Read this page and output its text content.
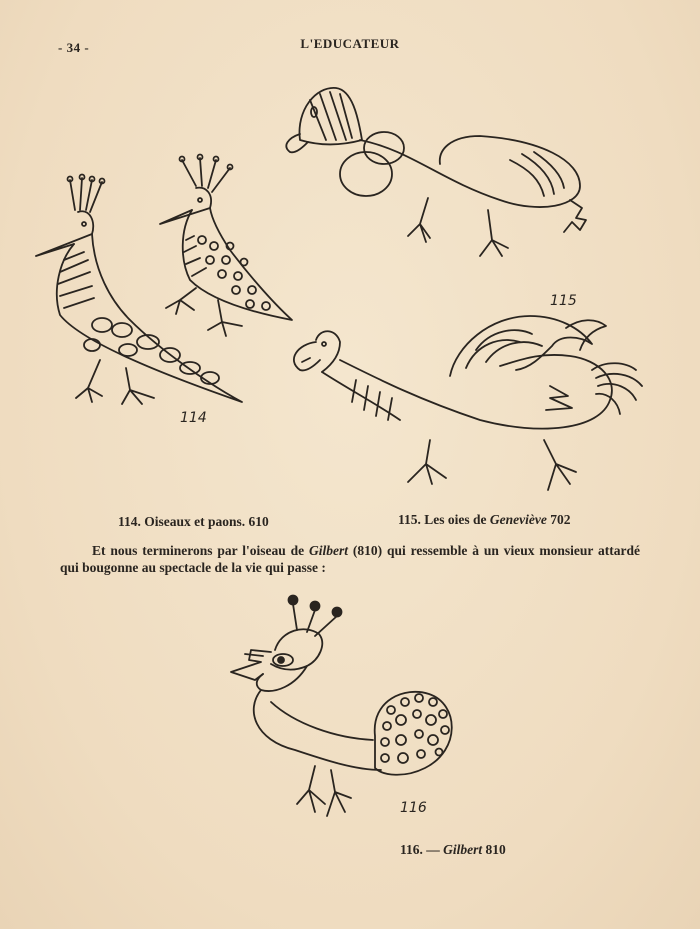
- 34 -	L'EDUCATEUR
114
115
114. Oiseaux et paons. 610	115. Les oies de Geneviève 702
Et nous terminerons par l'oiseau de Gilbert (810) qui ressemble à un vieux monsieur attardé qui bougonne au spectacle de la vie qui passe :
116
116. — Gilbert 810
